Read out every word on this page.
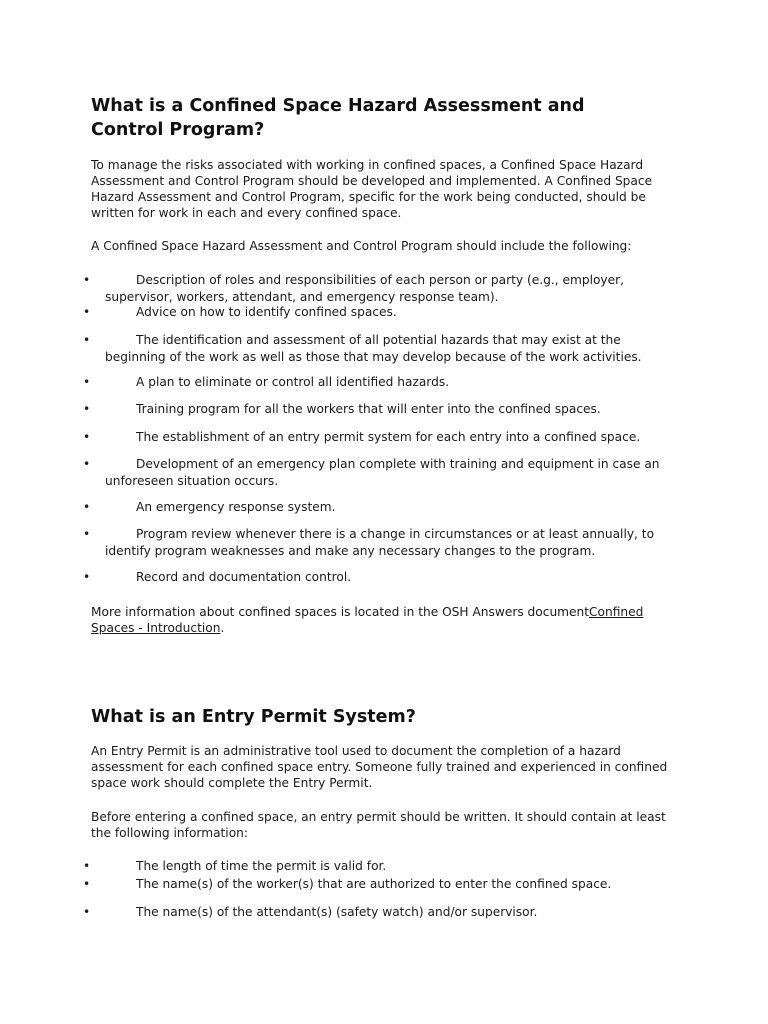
What is a Confined Space Hazard Assessment and Control Program?

To manage the risks associated with working in confined spaces, a Confined Space Hazard Assessment and Control Program should be developed and implemented. A Confined Space Hazard Assessment and Control Program, specific for the work being conducted, should be written for work in each and every confined space.

A Confined Space Hazard Assessment and Control Program should include the following:

•	Description of roles and responsibilities of each person or party (e.g., employer, supervisor, workers, attendant, and emergency response team).
•	Advice on how to identify confined spaces.
•	The identification and assessment of all potential hazards that may exist at the beginning of the work as well as those that may develop because of the work activities.
•	A plan to eliminate or control all identified hazards.
•	Training program for all the workers that will enter into the confined spaces.
•	The establishment of an entry permit system for each entry into a confined space.
•	Development of an emergency plan complete with training and equipment in case an unforeseen situation occurs.
•	An emergency response system.
•	Program review whenever there is a change in circumstances or at least annually, to identify program weaknesses and make any necessary changes to the program.
•	Record and documentation control.

More information about confined spaces is located in the OSH Answers documentConfined Spaces - Introduction.

What is an Entry Permit System?

An Entry Permit is an administrative tool used to document the completion of a hazard assessment for each confined space entry. Someone fully trained and experienced in confined space work should complete the Entry Permit.

Before entering a confined space, an entry permit should be written. It should contain at least the following information:

•	The length of time the permit is valid for.
•	The name(s) of the worker(s) that are authorized to enter the confined space.
•	The name(s) of the attendant(s) (safety watch) and/or supervisor.
